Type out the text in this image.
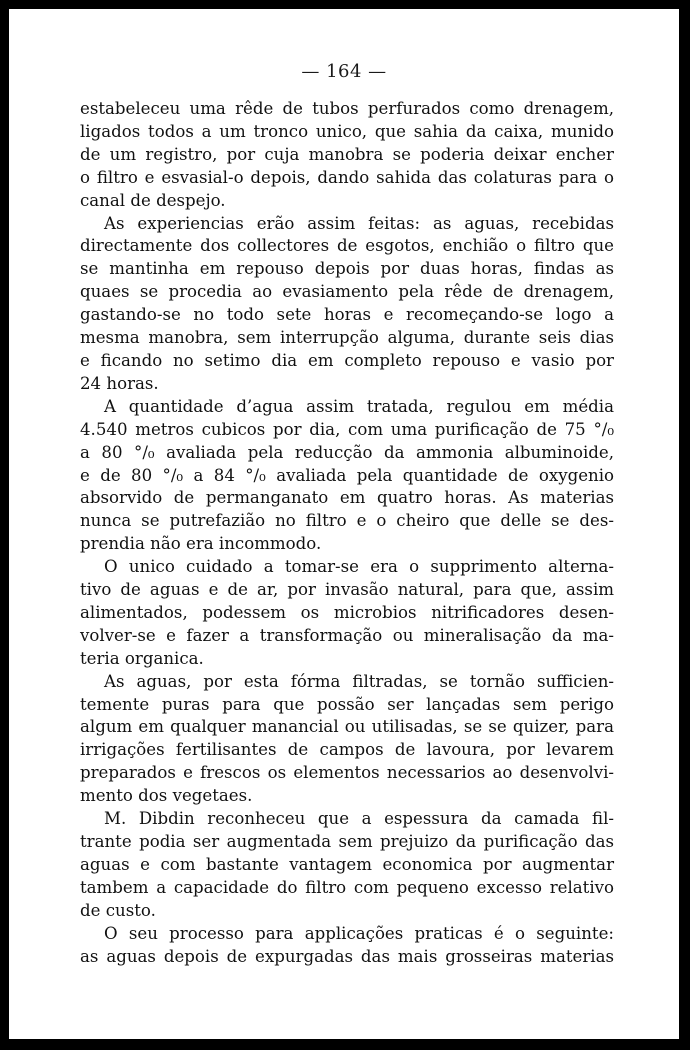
— 164 —
estabeleceu uma rêde de tubos perfurados como drenagem,
ligados todos a um tronco unico, que sahia da caixa, munido
de um registro, por cuja manobra se poderia deixar encher
o filtro e esvasial-o depois, dando sahida das colaturas para o
canal de despejo.
As experiencias erão assim feitas: as aguas, recebidas
directamente dos collectores de esgotos, enchião o filtro que
se mantinha em repouso depois por duas horas, findas as
quaes se procedia ao evasiamento pela rêde de drenagem,
gastando-se no todo sete horas e recomeçando-se logo a
mesma manobra, sem interrupção alguma, durante seis dias
e ficando no setimo dia em completo repouso e vasio por
24 horas.
A quantidade d’agua assim tratada, regulou em média
4.540 metros cubicos por dia, com uma purificação de 75 °/₀
a 80 °/₀ avaliada pela reducção da ammonia albuminoide,
e de 80 °/₀ a 84 °/₀ avaliada pela quantidade de oxygenio
absorvido de permanganato em quatro horas. As materias
nunca se putrefazião no filtro e o cheiro que delle se des-
prendia não era incommodo.
O unico cuidado a tomar-se era o supprimento alterna-
tivo de aguas e de ar, por invasão natural, para que, assim
alimentados, podessem os microbios nitrificadores desen-
volver-se e fazer a transformação ou mineralisação da ma-
teria organica.
As aguas, por esta fórma filtradas, se tornão sufficien-
temente puras para que possão ser lançadas sem perigo
algum em qualquer manancial ou utilisadas, se se quizer, para
irrigações fertilisantes de campos de lavoura, por levarem
preparados e frescos os elementos necessarios ao desenvolvi-
mento dos vegetaes.
M. Dibdin reconheceu que a espessura da camada fil-
trante podia ser augmentada sem prejuizo da purificação das
aguas e com bastante vantagem economica por augmentar
tambem a capacidade do filtro com pequeno excesso relativo
de custo.
O seu processo para applicações praticas é o seguinte:
as aguas depois de expurgadas das mais grosseiras materias
